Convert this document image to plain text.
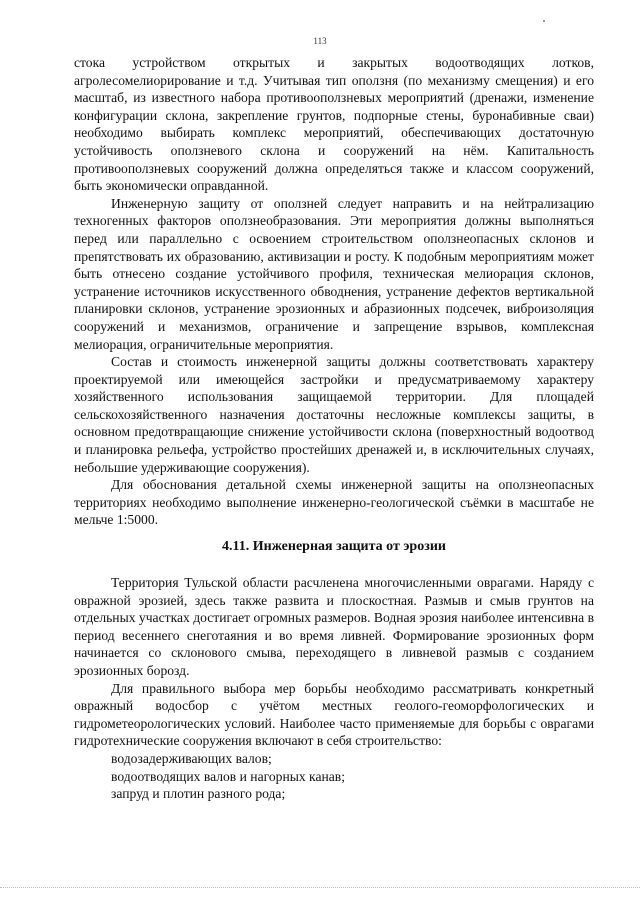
113

стока устройством открытых и закрытых водоотводящих лотков, агролесомелиорирование и т.д. Учитывая тип оползня (по механизму смещения) и его масштаб, из известного набора противооползневых мероприятий (дренажи, изменение конфигурации склона, закрепление грунтов, подпорные стены, буронабивные сваи) необходимо выбирать комплекс мероприятий, обеспечивающих достаточную устойчивость оползневого склона и сооружений на нём. Капитальность противооползневых сооружений должна определяться также и классом сооружений, быть экономически оправданной.

Инженерную защиту от оползней следует направить и на нейтрализацию техногенных факторов оползнеобразования. Эти мероприятия должны выполняться перед или параллельно с освоением строительством оползнеопасных склонов и препятствовать их образованию, активизации и росту. К подобным мероприятиям может быть отнесено создание устойчивого профиля, техническая мелиорация склонов, устранение источников искусственного обводнения, устранение дефектов вертикальной планировки склонов, устранение эрозионных и абразионных подсечек, виброизоляция сооружений и механизмов, ограничение и запрещение взрывов, комплексная мелиорация, ограничительные мероприятия.

Состав и стоимость инженерной защиты должны соответствовать характеру проектируемой или имеющейся застройки и предусматриваемому характеру хозяйственного использования защищаемой территории. Для площадей сельскохозяйственного назначения достаточны несложные комплексы защиты, в основном предотвращающие снижение устойчивости склона (поверхностный водоотвод и планировка рельефа, устройство простейших дренажей и, в исключительных случаях, небольшие удерживающие сооружения).

Для обоснования детальной схемы инженерной защиты на оползнеопасных территориях необходимо выполнение инженерно-геологической съёмки в масштабе не мельче 1:5000.

4.11. Инженерная защита от эрозии

Территория Тульской области расчленена многочисленными оврагами. Наряду с овражной эрозией, здесь также развита и плоскостная. Размыв и смыв грунтов на отдельных участках достигает огромных размеров. Водная эрозия наиболее интенсивна в период весеннего снеготаяния и во время ливней. Формирование эрозионных форм начинается со склонового смыва, переходящего в ливневой размыв с созданием эрозионных борозд.

Для правильного выбора мер борьбы необходимо рассматривать конкретный овражный водосбор с учётом местных геолого-геоморфологических и гидрометеорологических условий. Наиболее часто применяемые для борьбы с оврагами гидротехнические сооружения включают в себя строительство:

водозадерживающих валов;

водоотводящих валов и нагорных канав;

запруд и плотин разного рода;
